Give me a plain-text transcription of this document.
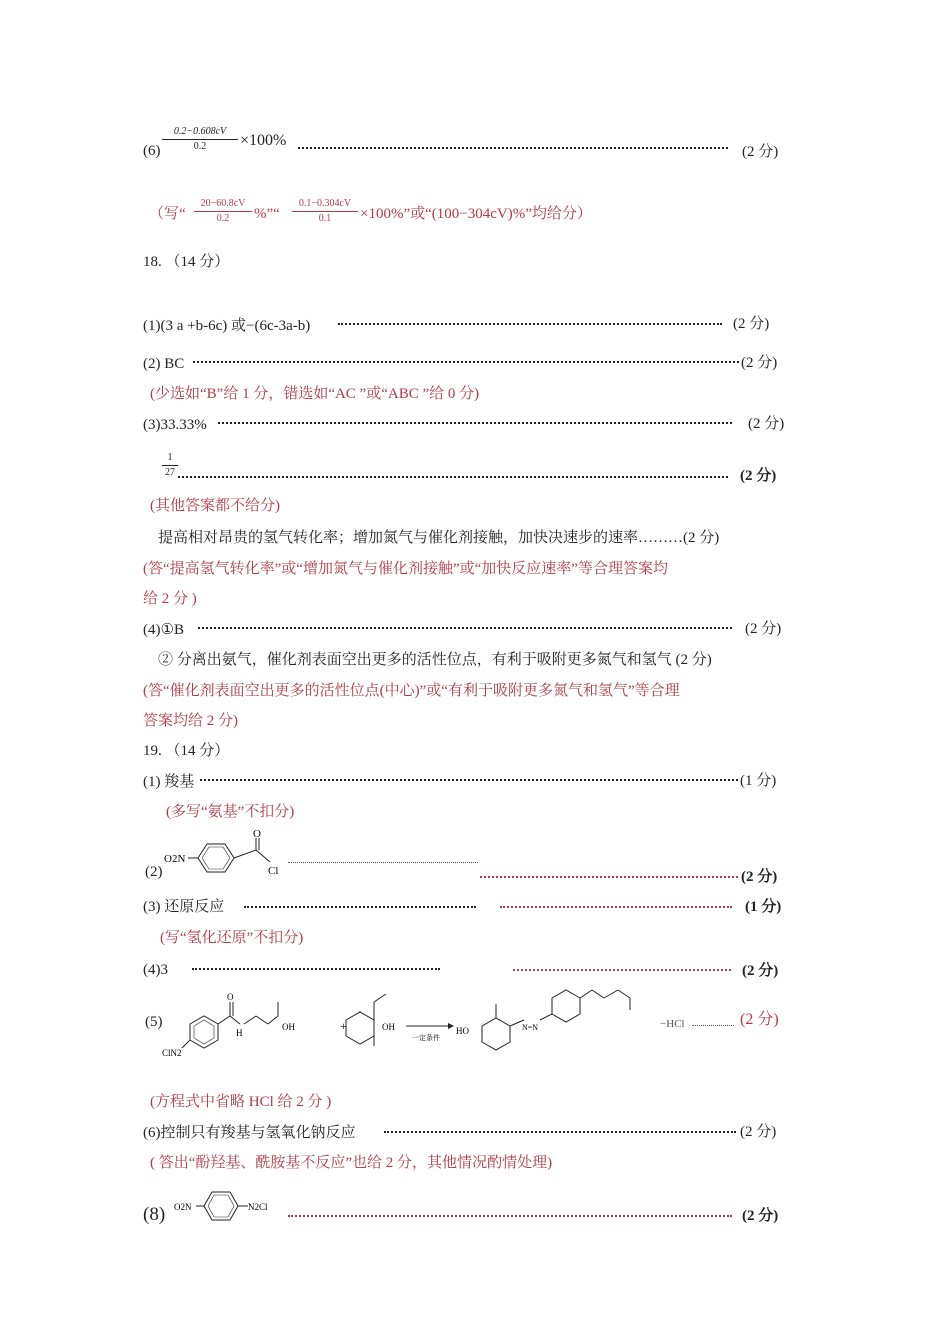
(6)
0.2−0.608cV
0.2	×100%
(2 分)
（写“
20−60.8cV
0.2	%”“
0.1−0.304cV
0.1	×100%”或“(100−304cV)%”均给分）
18. （14 分）
(1)(3 a +b-6c) 或−(6c-3a-b)	(2 分)
(2) BC	(2 分)
(少选如“B”给 1 分，错选如“AC ”或“ABC ”给 0 分)
(3)33.33%	(2 分)
1
27	(2 分)
(其他答案都不给分)
提高相对昂贵的氢气转化率；增加氮气与催化剂接触，加快决速步的速率………(2 分)
(答“提高氢气转化率”或“增加氮气与催化剂接触”或“加快反应速率”等合理答案均
给 2 分 )
(4)①B	(2 分)
② 分离出氨气，催化剂表面空出更多的活性位点，有利于吸附更多氮气和氢气 (2 分)
(答“催化剂表面空出更多的活性位点(中心)”或“有利于吸附更多氮气和氢气”等合理
答案均给 2 分)
19. （14 分）
(1) 羧基	(1 分)
(多写“氨基”不扣分)
O2N
O
Cl
(2)	(2 分)
(3) 还原反应	(1 分)
(写“氢化还原”不扣分)
(4)3	(2 分)
(5)
ClN2
O
H
OH	+	OH
一定条件
HO	N=N	−HCl	(2 分)
(方程式中省略 HCl 给 2 分 )
(6)控制只有羧基与氢氧化钠反应	(2 分)
( 答出“酚羟基、酰胺基不反应”也给 2 分，其他情况酌情处理)
(8) O2N	N2Cl
(2 分)
